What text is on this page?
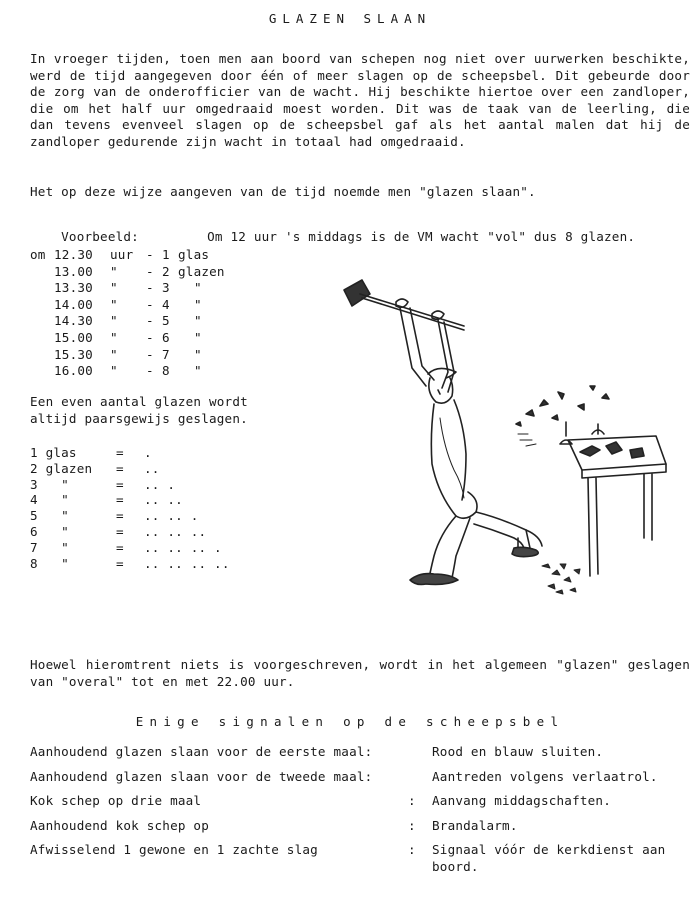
GLAZEN SLAAN
In vroeger tijden, toen men aan boord van schepen nog niet over uurwerken beschikte, werd de tijd aangegeven door één of meer slagen op de scheepsbel. Dit gebeurde door de zorg van de onderofficier van de wacht. Hij beschikte hiertoe over een zandloper, die om het half uur omgedraaid moest worden. Dit was de taak van de leerling, die dan tevens evenveel slagen op de scheepsbel gaf als het aantal malen dat hij de zandloper gedurende zijn wacht in totaal had omgedraaid.
Het op deze wijze aangeven van de tijd noemde men "glazen slaan".

Voorbeeld:	Om 12 uur 's middags is de VM wacht "vol" dus 8 glazen.

om 12.30 uur - 1 glas
13.00 " - 2 glazen
13.30 " - 3 "
14.00 " - 4 "
14.30 " - 5 "
15.00 " - 6 "
15.30 " - 7 "
16.00 " - 8 "
Een even aantal glazen wordt altijd paarsgewijs geslagen.
1 glas	= .
2 glazen = ..
3   "	= .. .
4   "	= .. ..
5   "	= .. .. .
6   "	= .. .. ..
7   "	= .. .. .. .
8   "	= .. .. .. ..
Hoewel hieromtrent niets is voorgeschreven, wordt in het algemeen "glazen" geslagen van "overal" tot en met 22.00 uur.
Enige signalen op de scheepsbel
Aanhoudend glazen slaan voor de eerste maal:	Rood en blauw sluiten.
Aanhoudend glazen slaan voor de tweede maal:	Aantreden volgens verlaatrol.
Kok schep op drie maal	:	Aanvang middagschaften.
Aanhoudend kok schep op	:	Brandalarm.
Afwisselend 1 gewone en 1 zachte slag	:	Signaal vóór de kerkdienst aan boord.
